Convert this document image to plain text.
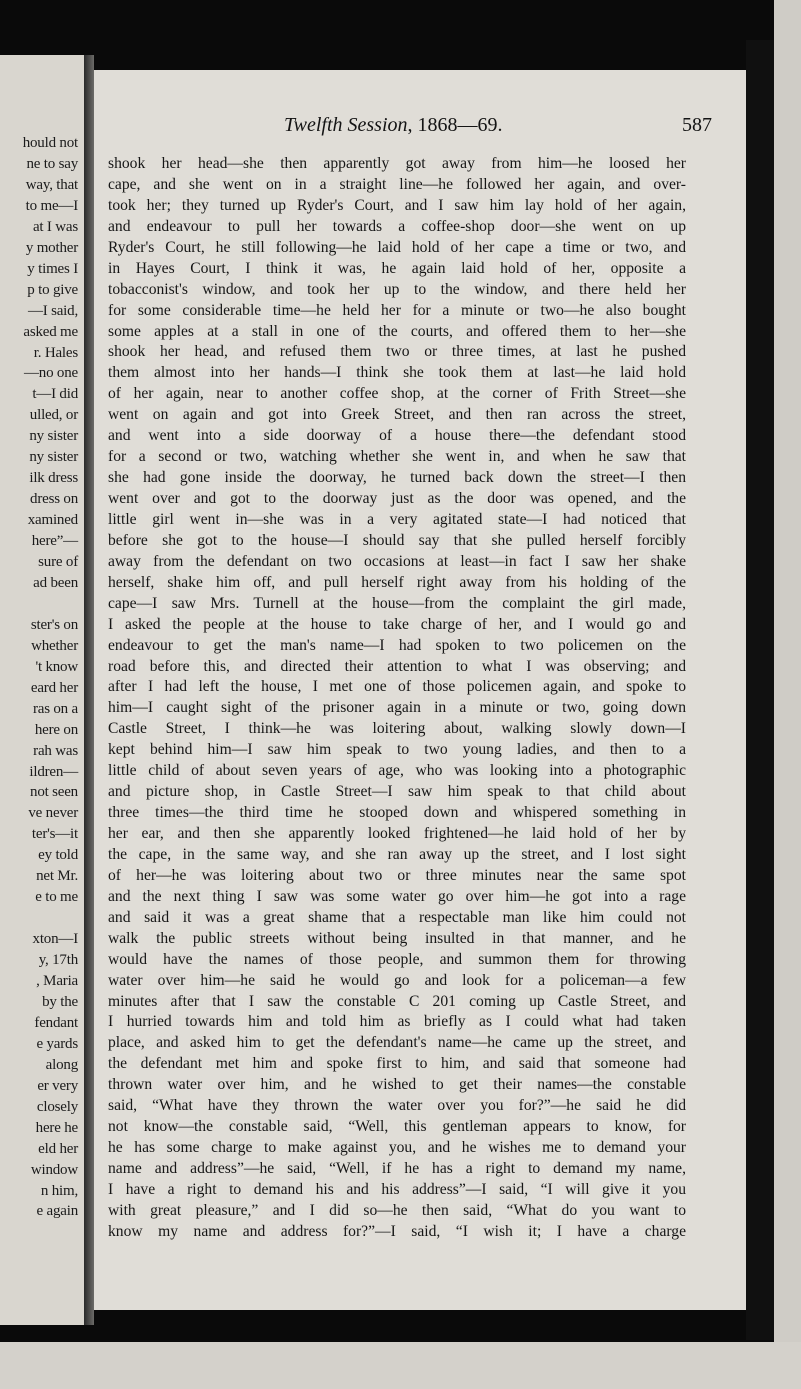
hould not
ne to say
way, that
to me—I
at I was
y mother
y times I
p to give
—I said,
asked me
r. Hales
—no one
t—I did
ulled, or
ny sister
ny sister
ilk dress
dress on
xamined
here”—
sure of
ad been
ster's on
whether
't know
eard her
ras on a
here on
rah was
ildren—
not seen
ve never
ter's—it
ey told
net Mr.
e to me
xton—I
y, 17th
, Maria
by the
fendant
e yards
along
er very
closely
here he
eld her
window
n him,
e again
Twelfth Session, 1868—69.	587
shook her head—she then apparently got away from him—he loosed her
cape, and she went on in a straight line—he followed her again, and over-
took her; they turned up Ryder's Court, and I saw him lay hold of her again,
and endeavour to pull her towards a coffee-shop door—she went on up
Ryder's Court, he still following—he laid hold of her cape a time or two, and
in Hayes Court, I think it was, he again laid hold of her, opposite a
tobacconist's window, and took her up to the window, and there held her
for some considerable time—he held her for a minute or two—he also bought
some apples at a stall in one of the courts, and offered them to her—she
shook her head, and refused them two or three times, at last he pushed
them almost into her hands—I think she took them at last—he laid hold
of her again, near to another coffee shop, at the corner of Frith Street—she
went on again and got into Greek Street, and then ran across the street,
and went into a side doorway of a house there—the defendant stood
for a second or two, watching whether she went in, and when he saw that
she had gone inside the doorway, he turned back down the street—I then
went over and got to the doorway just as the door was opened, and the
little girl went in—she was in a very agitated state—I had noticed that
before she got to the house—I should say that she pulled herself forcibly
away from the defendant on two occasions at least—in fact I saw her shake
herself, shake him off, and pull herself right away from his holding of the
cape—I saw Mrs. Turnell at the house—from the complaint the girl made,
I asked the people at the house to take charge of her, and I would go and
endeavour to get the man's name—I had spoken to two policemen on the
road before this, and directed their attention to what I was observing; and
after I had left the house, I met one of those policemen again, and spoke to
him—I caught sight of the prisoner again in a minute or two, going down
Castle Street, I think—he was loitering about, walking slowly down—I
kept behind him—I saw him speak to two young ladies, and then to a
little child of about seven years of age, who was looking into a photographic
and picture shop, in Castle Street—I saw him speak to that child about
three times—the third time he stooped down and whispered something in
her ear, and then she apparently looked frightened—he laid hold of her by
the cape, in the same way, and she ran away up the street, and I lost sight
of her—he was loitering about two or three minutes near the same spot
and the next thing I saw was some water go over him—he got into a rage
and said it was a great shame that a respectable man like him could not
walk the public streets without being insulted in that manner, and he
would have the names of those people, and summon them for throwing
water over him—he said he would go and look for a policeman—a few
minutes after that I saw the constable C 201 coming up Castle Street, and
I hurried towards him and told him as briefly as I could what had taken
place, and asked him to get the defendant's name—he came up the street, and
the defendant met him and spoke first to him, and said that someone had
thrown water over him, and he wished to get their names—the constable
said, “What have they thrown the water over you for?”—he said he did
not know—the constable said, “Well, this gentleman appears to know, for
he has some charge to make against you, and he wishes me to demand your
name and address”—he said, “Well, if he has a right to demand my name,
I have a right to demand his and his address”—I said, “I will give it you
with great pleasure,” and I did so—he then said, “What do you want to
know my name and address for?”—I said, “I wish it; I have a charge
